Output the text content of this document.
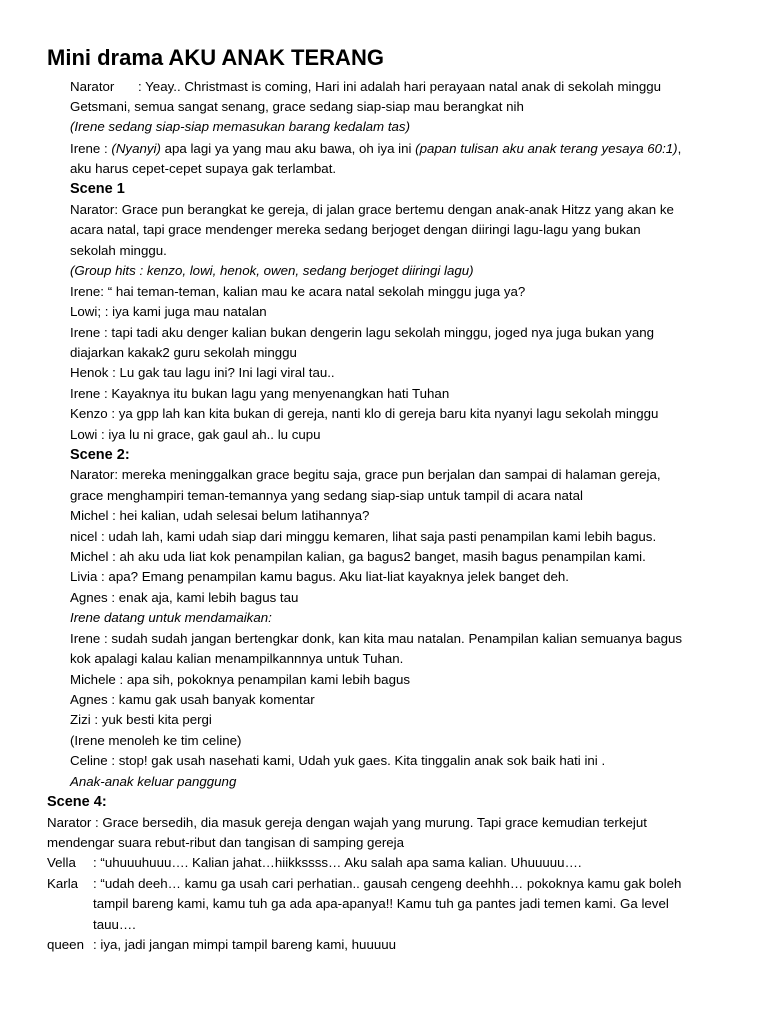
Mini drama AKU ANAK TERANG
Narator : Yeay.. Christmast is coming, Hari ini adalah hari perayaan natal anak di sekolah minggu
Getsmani, semua sangat senang, grace sedang siap-siap mau berangkat nih
(Irene sedang siap-siap memasukan barang kedalam tas)
Irene : (Nyanyi) apa lagi ya yang mau aku bawa, oh iya ini (papan tulisan aku anak terang yesaya 60:1),
aku harus cepet-cepet supaya gak terlambat.
Scene 1
Narator: Grace pun berangkat ke gereja, di jalan grace bertemu dengan anak-anak Hitzz yang akan ke
acara natal, tapi grace mendenger mereka sedang berjoget dengan diiringi lagu-lagu yang bukan
sekolah minggu.
(Group hits : kenzo, lowi, henok, owen, sedang berjoget diiringi lagu)
Irene: “ hai teman-teman, kalian mau ke acara natal sekolah minggu juga ya?
Lowi; : iya kami juga mau natalan
Irene : tapi tadi aku denger kalian bukan dengerin lagu sekolah minggu, joged nya juga bukan yang
diajarkan kakak2 guru sekolah minggu
Henok : Lu gak tau lagu ini? Ini lagi viral tau..
Irene : Kayaknya itu bukan lagu yang menyenangkan hati Tuhan
Kenzo : ya gpp lah kan kita bukan di gereja, nanti klo di gereja baru kita nyanyi lagu sekolah minggu
Lowi : iya lu ni grace, gak gaul ah.. lu cupu
Scene 2:
Narator: mereka meninggalkan grace begitu saja, grace pun berjalan dan sampai di halaman gereja,
grace menghampiri teman-temannya yang sedang siap-siap untuk tampil di acara natal
Michel : hei kalian, udah selesai belum latihannya?
nicel : udah lah, kami udah siap dari minggu kemaren, lihat saja pasti penampilan kami lebih bagus.
Michel : ah aku uda liat kok penampilan kalian, ga bagus2 banget, masih bagus penampilan kami.
Livia : apa? Emang penampilan kamu bagus. Aku liat-liat kayaknya jelek banget deh.
Agnes : enak aja, kami lebih bagus tau
Irene datang untuk mendamaikan:
Irene : sudah sudah jangan bertengkar donk, kan kita mau natalan. Penampilan kalian semuanya bagus
kok apalagi kalau kalian menampilkannnya untuk Tuhan.
Michele : apa sih, pokoknya penampilan kami lebih bagus
Agnes : kamu gak usah banyak komentar
Zizi : yuk besti kita pergi
(Irene menoleh ke tim celine)
Celine : stop! gak usah nasehati kami, Udah yuk gaes. Kita tinggalin anak sok baik hati ini .
Anak-anak keluar panggung
Scene 4:
Narator : Grace bersedih, dia masuk gereja dengan wajah yang murung. Tapi grace kemudian terkejut
mendengar suara rebut-ribut dan tangisan di samping gereja
Vella : “uhuuuhuuu…. Kalian jahat…hiikkssss… Aku salah apa sama kalian. Uhuuuuu….
Karla : “udah deeh… kamu ga usah cari perhatian.. gausah cengeng deehhh… pokoknya kamu gak boleh
tampil bareng kami, kamu tuh ga ada apa-apanya!! Kamu tuh ga pantes jadi temen kami. Ga level
tauu….
queen : iya, jadi jangan mimpi tampil bareng kami, huuuuu
